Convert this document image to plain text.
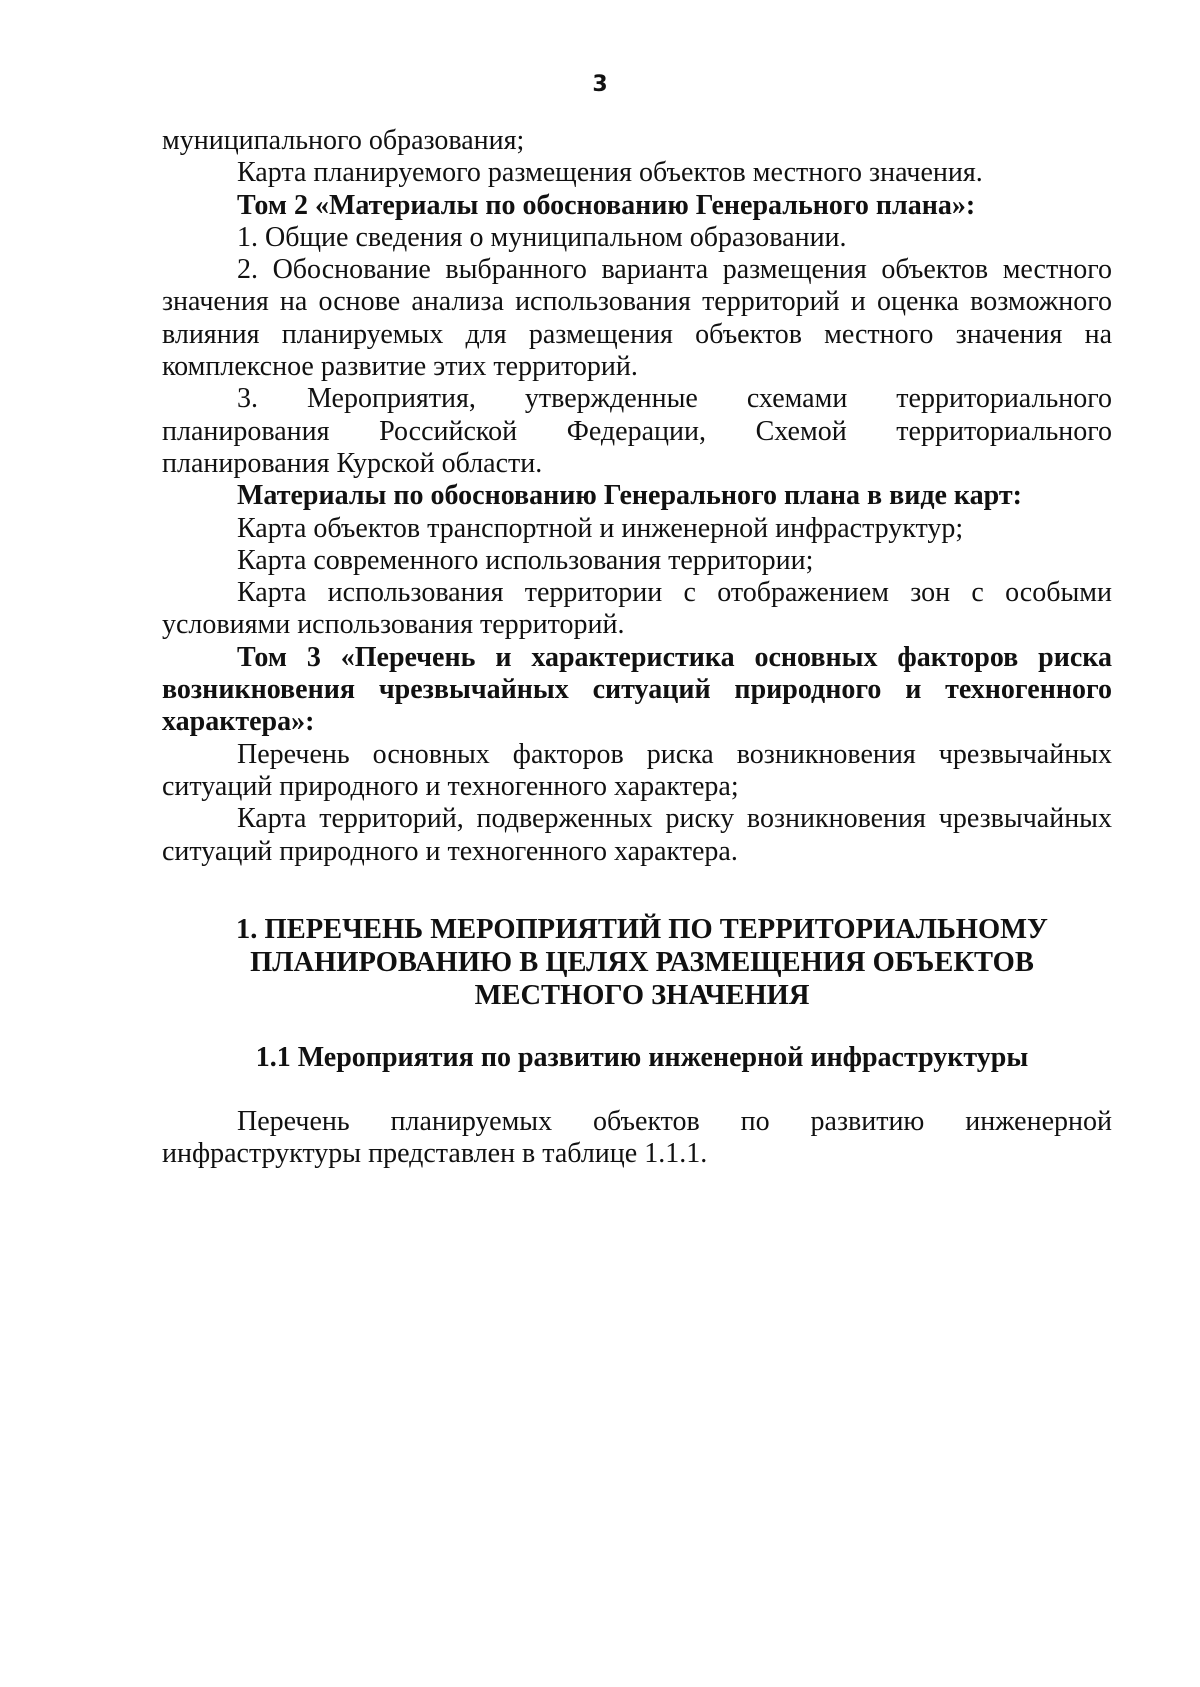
3

муниципального образования;

Карта планируемого размещения объектов местного значения.

Том 2 «Материалы по обоснованию Генерального плана»:

1. Общие сведения о муниципальном образовании.

2. Обоснование выбранного варианта размещения объектов местного значения на основе анализа использования территорий и оценка возможного влияния планируемых для размещения объектов местного значения на комплексное развитие этих территорий.

3. Мероприятия, утвержденные схемами территориального планирования Российской Федерации, Схемой территориального планирования Курской области.

Материалы по обоснованию Генерального плана в виде карт:

Карта объектов транспортной и инженерной инфраструктур;

Карта современного использования территории;

Карта использования территории с отображением зон с особыми условиями использования территорий.

Том 3 «Перечень и характеристика основных факторов риска возникновения чрезвычайных ситуаций природного и техногенного характера»:

Перечень основных факторов риска возникновения чрезвычайных ситуаций природного и техногенного характера;

Карта территорий, подверженных риску возникновения чрезвычайных ситуаций природного и техногенного характера.

1. ПЕРЕЧЕНЬ МЕРОПРИЯТИЙ ПО ТЕРРИТОРИАЛЬНОМУ
ПЛАНИРОВАНИЮ В ЦЕЛЯХ РАЗМЕЩЕНИЯ ОБЪЕКТОВ
МЕСТНОГО ЗНАЧЕНИЯ
1.1 Мероприятия по развитию инженерной инфраструктуры

Перечень планируемых объектов по развитию инженерной инфраструктуры представлен в таблице 1.1.1.
